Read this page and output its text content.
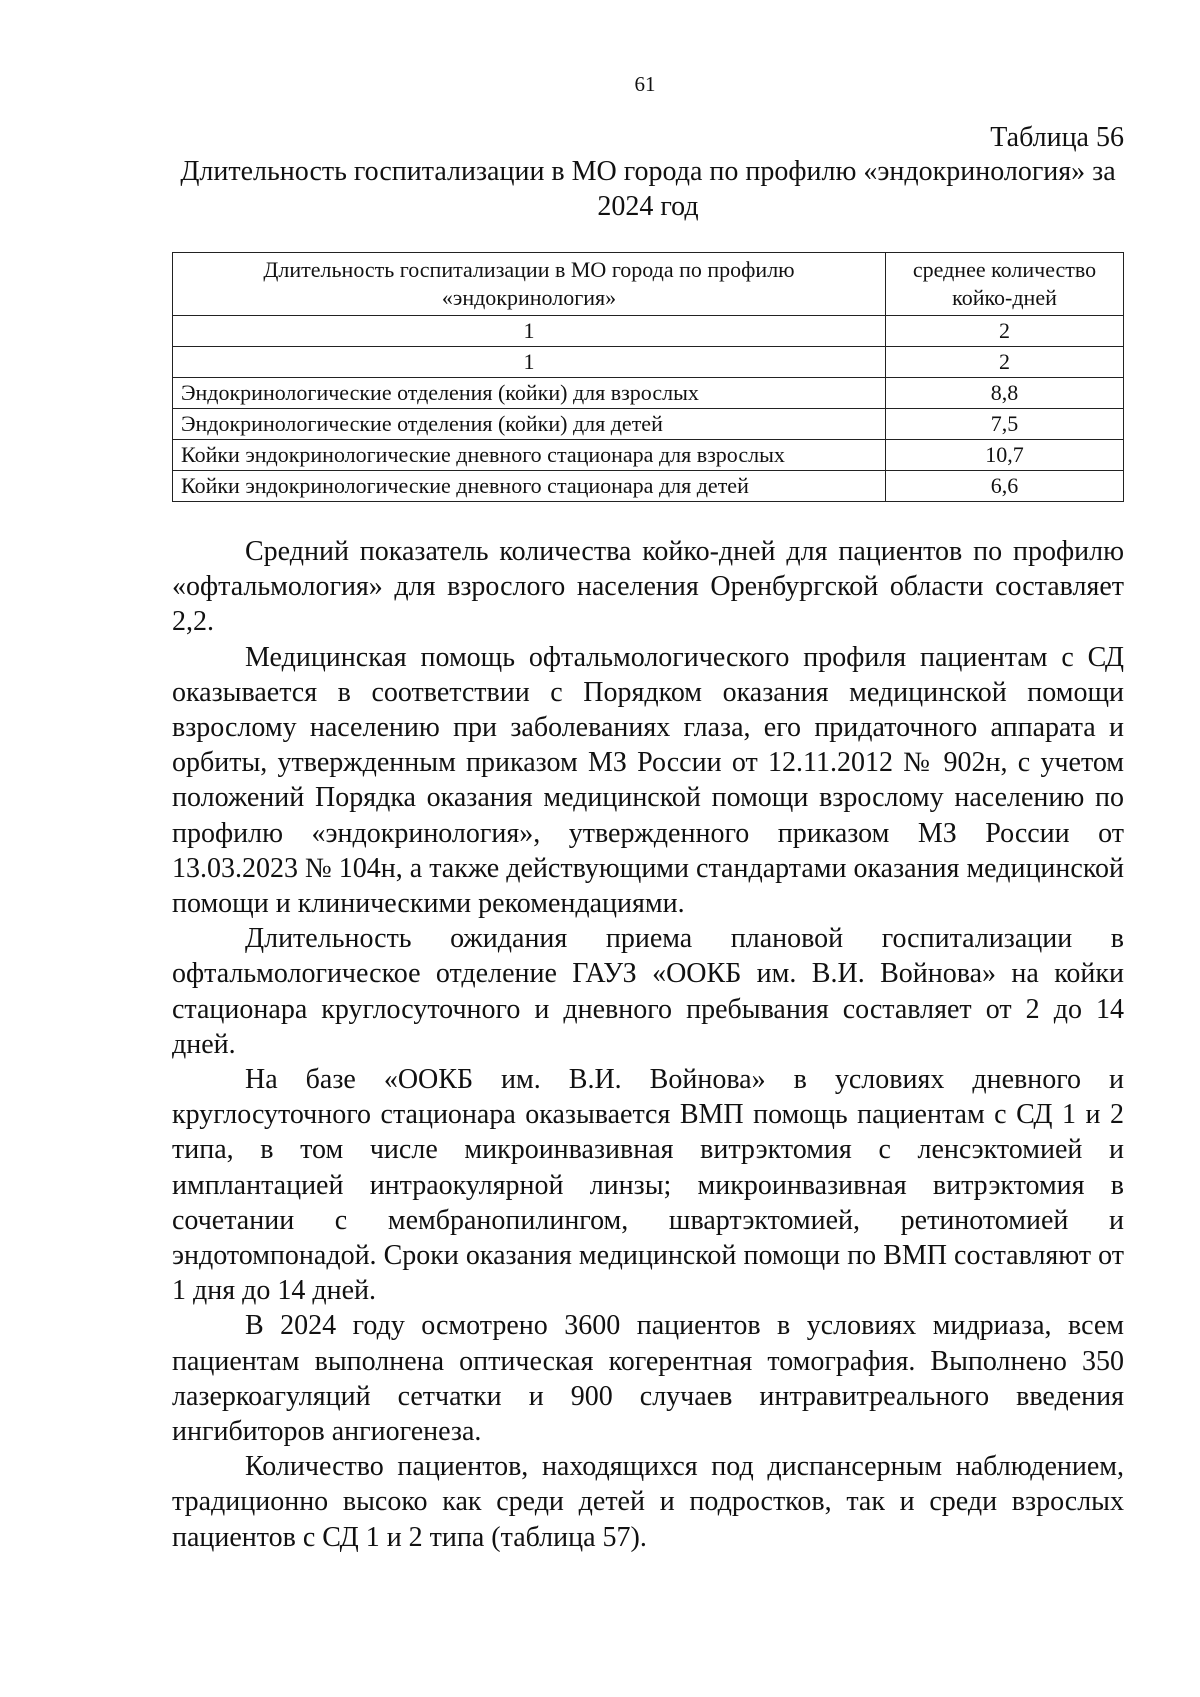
61
Таблица 56
Длительность госпитализации в МО города по профилю «эндокринология» за 2024 год
Длительность госпитализации в МО города по профилю «эндокринология»	среднее количество койко-дней
1	2
1	2
Эндокринологические отделения (койки) для взрослых	8,8
Эндокринологические отделения (койки) для детей	7,5
Койки эндокринологические дневного стационара для взрослых	10,7
Койки эндокринологические дневного стационара для детей	6,6

Средний показатель количества койко-дней для пациентов по профилю «офтальмология» для взрослого населения Оренбургской области составляет 2,2.

Медицинская помощь офтальмологического профиля пациентам с СД оказывается в соответствии с Порядком оказания медицинской помощи взрослому населению при заболеваниях глаза, его придаточного аппарата и орбиты, утвержденным приказом МЗ России от 12.11.2012 № 902н, с учетом положений Порядка оказания медицинской помощи взрослому населению по профилю «эндокринология», утвержденного приказом МЗ России от 13.03.2023 № 104н, а также действующими стандартами оказания медицинской помощи и клиническими рекомендациями.

Длительность ожидания приема плановой госпитализации в офтальмологическое отделение ГАУЗ «ООКБ им. В.И. Войнова» на койки стационара круглосуточного и дневного пребывания составляет от 2 до 14 дней.

На базе «ООКБ им. В.И. Войнова» в условиях дневного и круглосуточного стационара оказывается ВМП помощь пациентам с СД 1 и 2 типа, в том числе микроинвазивная витрэктомия с ленсэктомией и имплантацией интраокулярной линзы; микроинвазивная витрэктомия в сочетании с мембранопилингом, швартэктомией, ретинотомией и эндотомпонадой. Сроки оказания медицинской помощи по ВМП составляют от 1 дня до 14 дней.

В 2024 году осмотрено 3600 пациентов в условиях мидриаза, всем пациентам выполнена оптическая когерентная томография. Выполнено 350 лазеркоагуляций сетчатки и 900 случаев интравитреального введения ингибиторов ангиогенеза.

Количество пациентов, находящихся под диспансерным наблюдением, традиционно высоко как среди детей и подростков, так и среди взрослых пациентов с СД 1 и 2 типа (таблица 57).
